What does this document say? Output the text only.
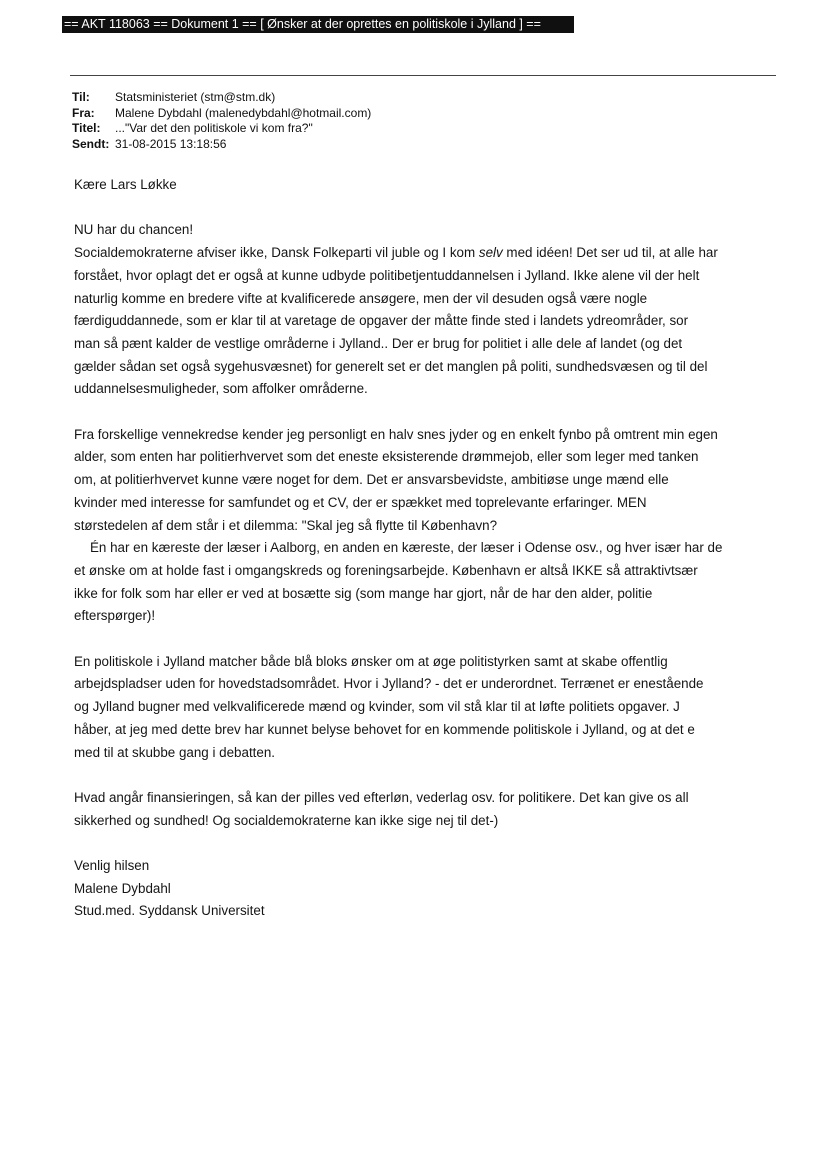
== AKT 118063 == Dokument 1 == [ Ønsker at der oprettes en politiskole i Jylland ] ==
Til: Statsministeriet (stm@stm.dk)
Fra: Malene Dybdahl (malenedybdahl@hotmail.com)
Titel: ..."Var det den politiskole vi kom fra?"
Sendt: 31-08-2015 13:18:56
Kære Lars Løkke
NU har du chancen!
Socialdemokraterne afviser ikke, Dansk Folkeparti vil juble og I kom selv med idéen! Det ser ud til, at alle har
forstået, hvor oplagt det er også at kunne udbyde politibetjentuddannelsen i Jylland. Ikke alene vil der helt
naturlig komme en bredere vifte at kvalificerede ansøgere, men der vil desuden også være nogle
færdiguddannede, som er klar til at varetage de opgaver der måtte finde sted i landets ydreområder, sor
man så pænt kalder de vestlige områderne i Jylland.. Der er brug for politiet i alle dele af landet (og det
gælder sådan set også sygehusvæsnet) for generelt set er det manglen på politi, sundhedsvæsen og til del
uddannelsesmuligheder, som affolker områderne.
Fra forskellige vennekredse kender jeg personligt en halv snes jyder og en enkelt fynbo på omtrent min egen
alder, som enten har politierhvervet som det eneste eksisterende drømmejob, eller som leger med tanken
om, at politierhvervet kunne være noget for dem. Det er ansvarsbevidste, ambitiøse unge mænd elle
kvinder med interesse for samfundet og et CV, der er spækket med toprelevante erfaringer. MEN
størstedelen af dem står i et dilemma: "Skal jeg så flytte til København?
Én har en kæreste der læser i Aalborg, en anden en kæreste, der læser i Odense osv., og hver især har de
et ønske om at holde fast i omgangskreds og foreningsarbejde. København er altså IKKE så attraktivtsær
ikke for folk som har eller er ved at bosætte sig (som mange har gjort, når de har den alder, politie
efterspørger)!
En politiskole i Jylland matcher både blå bloks ønsker om at øge politistyrken samt at skabe offentlig
arbejdspladser uden for hovedstadsområdet. Hvor i Jylland? - det er underordnet. Terrænet er enestående
og Jylland bugner med velkvalificerede mænd og kvinder, som vil stå klar til at løfte politiets opgaver. J
håber, at jeg med dette brev har kunnet belyse behovet for en kommende politiskole i Jylland, og at det e
med til at skubbe gang i debatten.
Hvad angår finansieringen, så kan der pilles ved efterløn, vederlag osv. for politikere. Det kan give os all
sikkerhed og sundhed! Og socialdemokraterne kan ikke sige nej til det-)
Venlig hilsen
Malene Dybdahl
Stud.med. Syddansk Universitet
